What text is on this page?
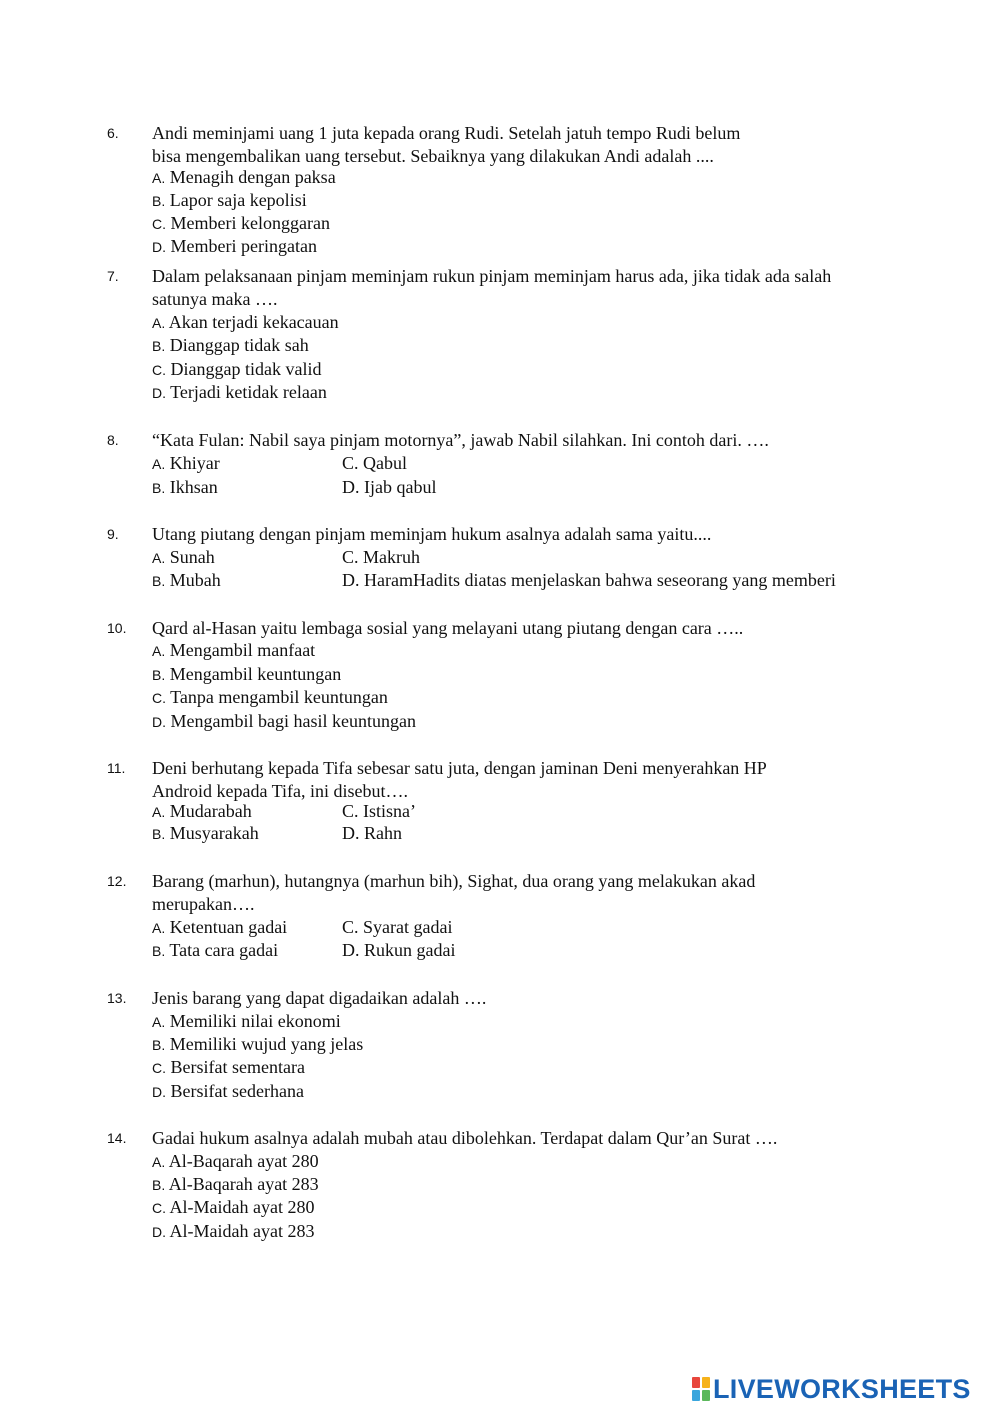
6. Andi meminjami uang 1 juta kepada orang Rudi. Setelah jatuh tempo Rudi belum
bisa mengembalikan uang tersebut. Sebaiknya yang dilakukan Andi adalah ....
A. Menagih dengan paksa
B. Lapor saja kepolisi
C. Memberi kelonggaran
D. Memberi peringatan
7. Dalam pelaksanaan pinjam meminjam rukun pinjam meminjam harus ada, jika tidak ada salah
satunya maka ….
A. Akan terjadi kekacauan
B. Dianggap tidak sah
C. Dianggap tidak valid
D. Terjadi ketidak relaan
8. “Kata Fulan: Nabil saya pinjam motornya”, jawab Nabil silahkan. Ini contoh dari. ….
A. Khiyar	C. Qabul
B. Ikhsan	D. Ijab qabul
9. Utang piutang dengan pinjam meminjam hukum asalnya adalah sama yaitu....
A. Sunah	C. Makruh
B. Mubah	D. HaramHadits diatas menjelaskan bahwa seseorang yang memberi
10. Qard al-Hasan yaitu lembaga sosial yang melayani utang piutang dengan cara …..
A. Mengambil manfaat
B. Mengambil keuntungan
C. Tanpa mengambil keuntungan
D. Mengambil bagi hasil keuntungan
11. Deni berhutang kepada Tifa sebesar satu juta, dengan jaminan Deni menyerahkan HP
Android kepada Tifa, ini disebut….
A. Mudarabah	C. Istisna’
B. Musyarakah	D. Rahn
12. Barang (marhun), hutangnya (marhun bih), Sighat, dua orang yang melakukan akad
merupakan….
A. Ketentuan gadai	C. Syarat gadai
B. Tata cara gadai	D. Rukun gadai
13. Jenis barang yang dapat digadaikan adalah ….
A. Memiliki nilai ekonomi
B. Memiliki wujud yang jelas
C. Bersifat sementara
D. Bersifat sederhana
14. Gadai hukum asalnya adalah mubah atau dibolehkan. Terdapat dalam Qur’an Surat ….
A. Al-Baqarah ayat 280
B. Al-Baqarah ayat 283
C. Al-Maidah ayat 280
D. Al-Maidah ayat 283
LIVEWORKSHEETS
